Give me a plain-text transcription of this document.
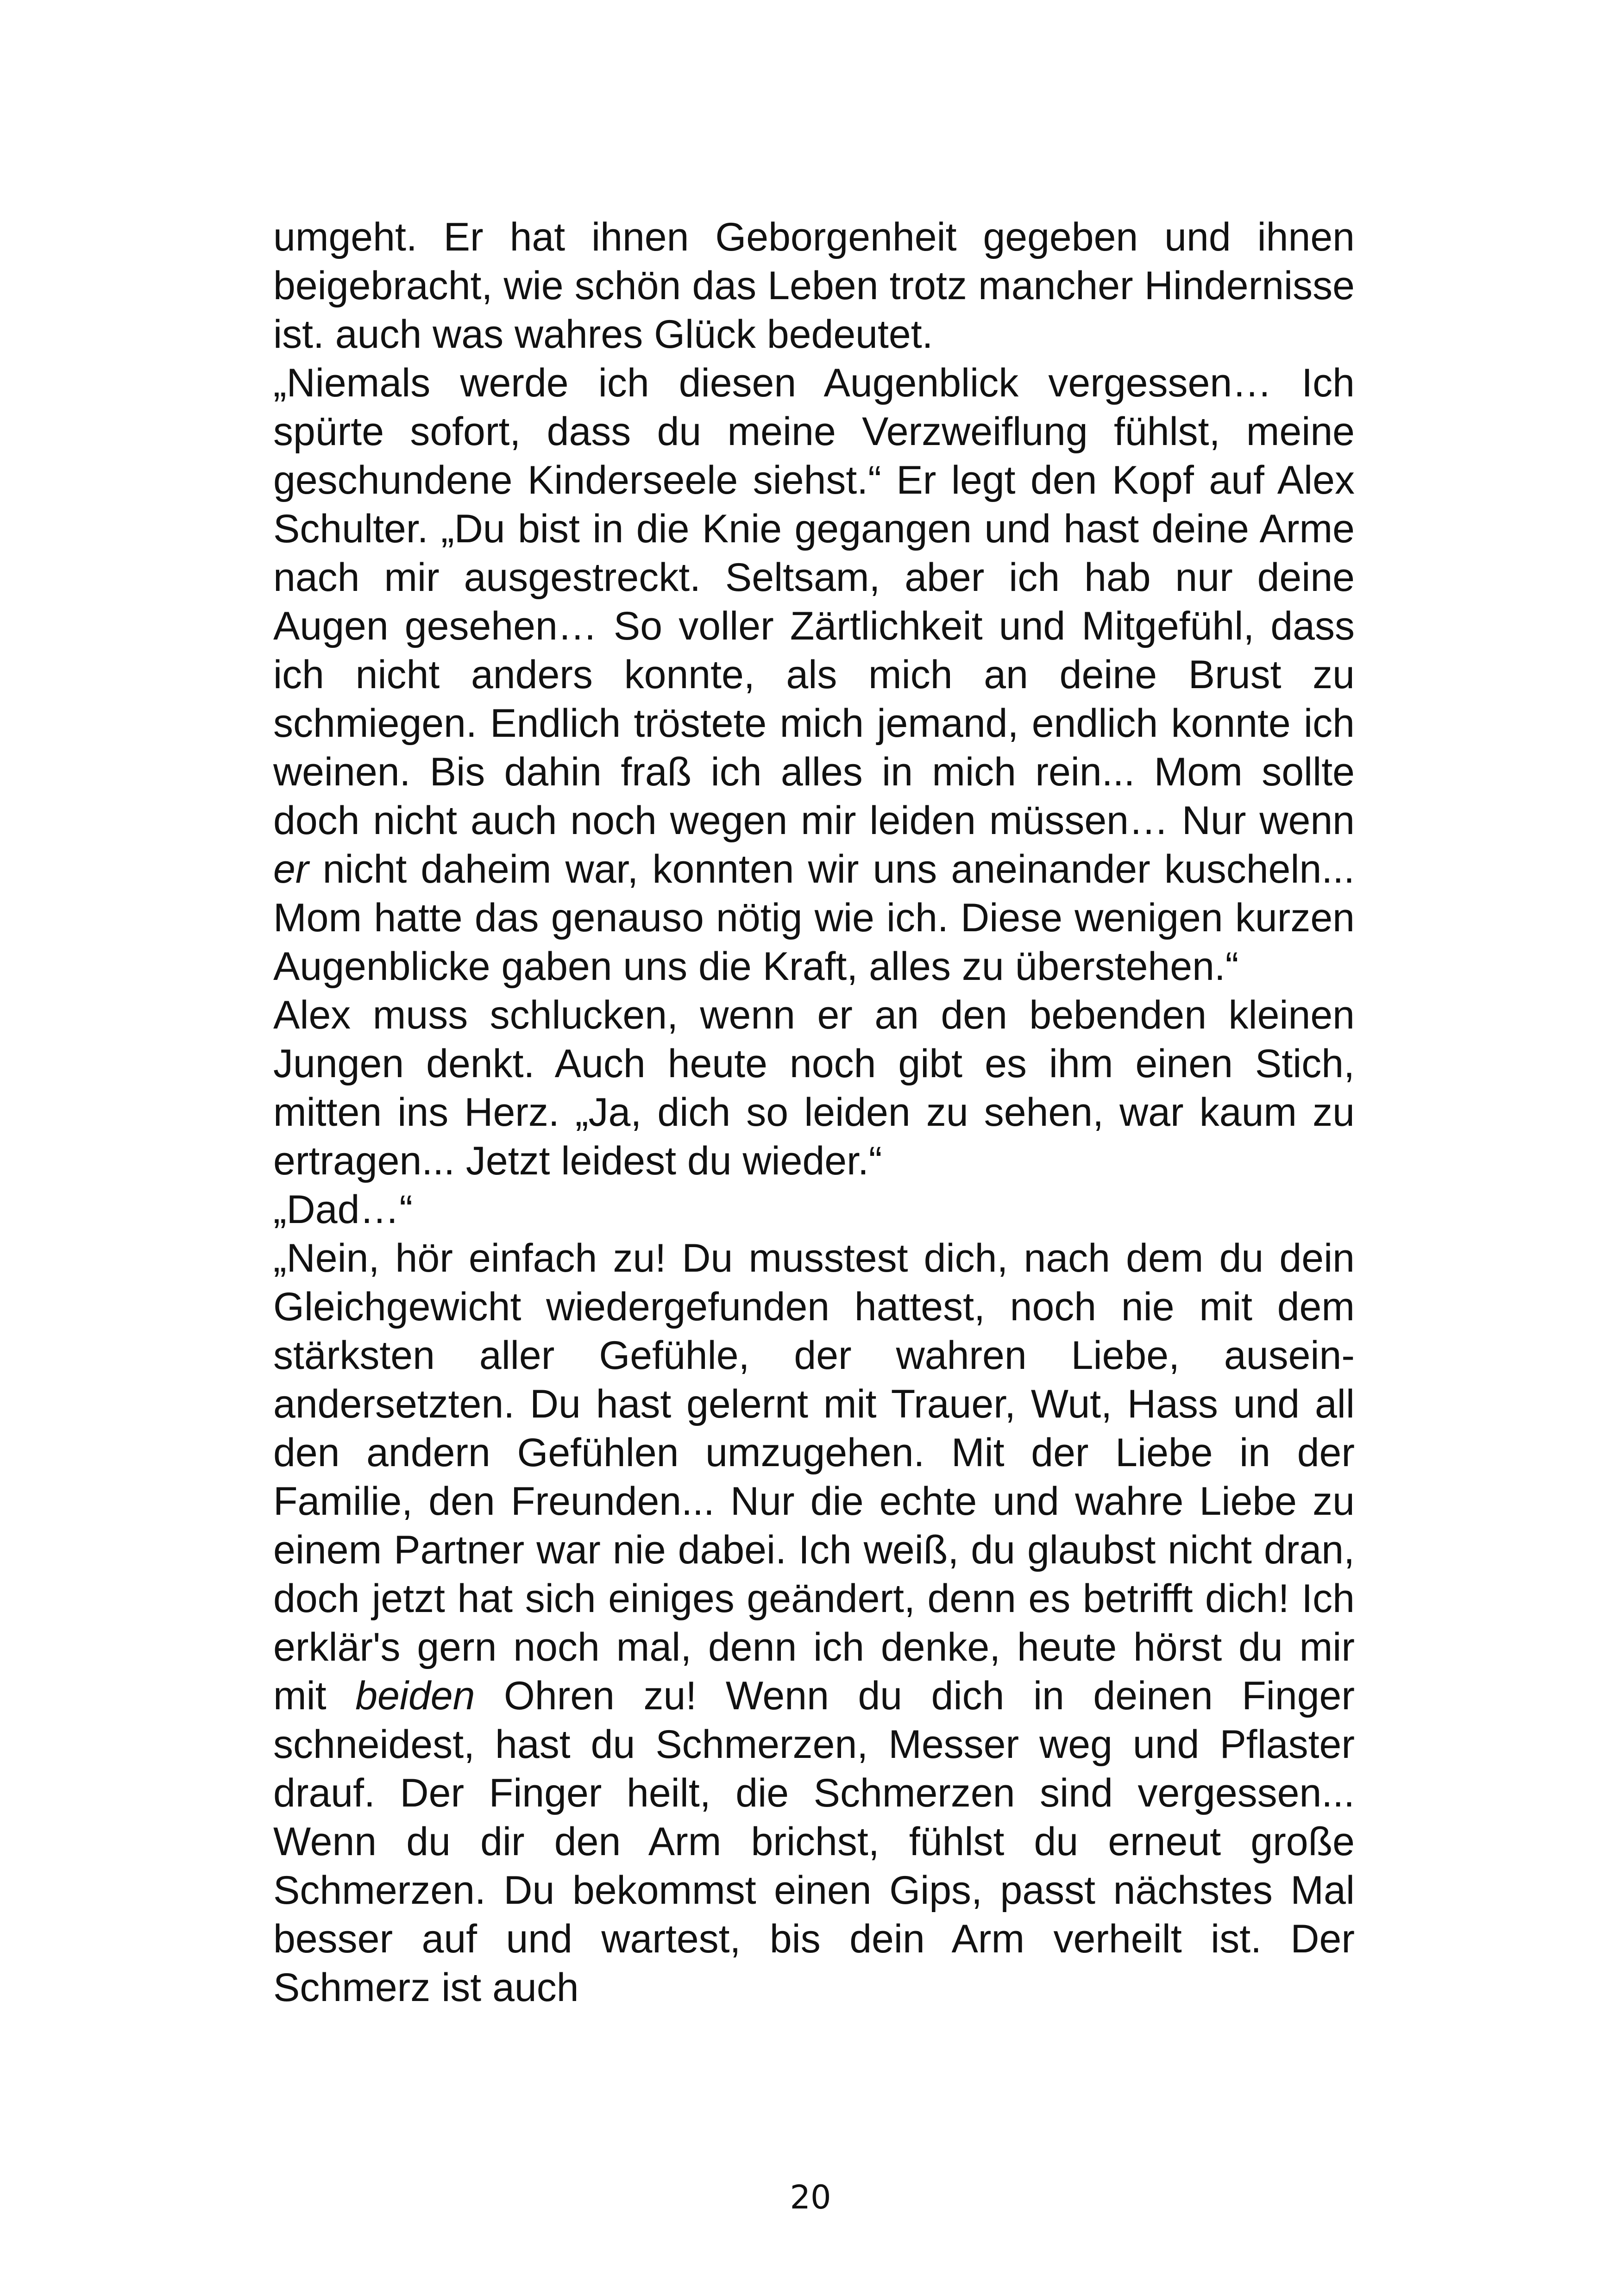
umgeht. Er hat ihnen Geborgenheit gegeben und ihnen beigebracht, wie schön das Leben trotz mancher Hindernisse ist. auch was wahres Glück bedeutet.

„Niemals werde ich diesen Augenblick vergessen… Ich spürte sofort, dass du meine Verzweiflung fühlst, meine geschundene Kinderseele siehst.“ Er legt den Kopf auf Alex Schulter. „Du bist in die Knie gegangen und hast deine Arme nach mir ausgestreckt. Seltsam, aber ich hab nur deine Augen gesehen… So voller Zärtlichkeit und Mitgefühl, dass ich nicht anders konnte, als mich an deine Brust zu schmiegen. Endlich tröstete mich jemand, endlich konnte ich weinen. Bis dahin fraß ich alles in mich rein... Mom sollte doch nicht auch noch wegen mir leiden müssen… Nur wenn er nicht daheim war, konnten wir uns aneinander kuscheln... Mom hatte das genauso nötig wie ich. Diese wenigen kurzen Augenblicke gaben uns die Kraft, alles zu überstehen.“

Alex muss schlucken, wenn er an den bebenden kleinen Jungen denkt. Auch heute noch gibt es ihm einen Stich, mitten ins Herz. „Ja, dich so leiden zu sehen, war kaum zu ertragen... Jetzt leidest du wieder.“

„Dad…“

„Nein, hör einfach zu! Du musstest dich, nach dem du dein Gleichgewicht wiedergefunden hattest, noch nie mit dem stärksten aller Gefühle, der wahren Liebe, auseinandersetzten. Du hast gelernt mit Trauer, Wut, Hass und all den andern Gefühlen umzugehen. Mit der Liebe in der Familie, den Freunden... Nur die echte und wahre Liebe zu einem Partner war nie dabei. Ich weiß, du glaubst nicht dran, doch jetzt hat sich einiges geändert, denn es betrifft dich! Ich erklär's gern noch mal, denn ich denke, heute hörst du mir mit beiden Ohren zu! Wenn du dich in deinen Finger schneidest, hast du Schmerzen, Messer weg und Pflaster drauf. Der Finger heilt, die Schmerzen sind vergessen... Wenn du dir den Arm brichst, fühlst du erneut große Schmerzen. Du bekommst einen Gips, passt nächstes Mal besser auf und wartest, bis dein Arm verheilt ist. Der Schmerz ist auch

20
